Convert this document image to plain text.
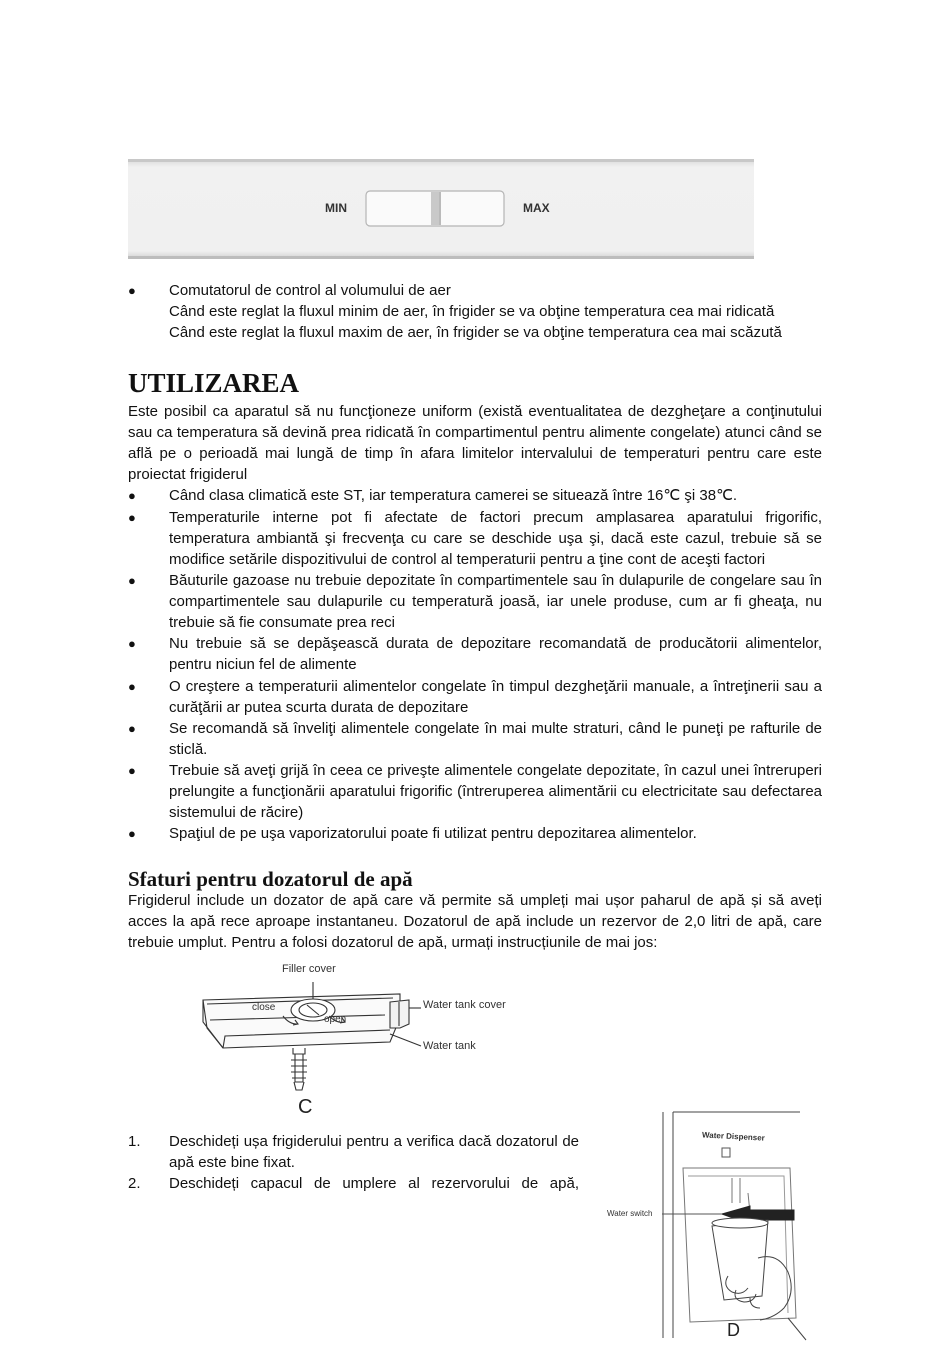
MIN	MAX
● Comutatorul de control al volumului de aer
Când este reglat la fluxul minim de aer, în frigider se va obţine temperatura cea mai ridicată
Când este reglat la fluxul maxim de aer, în frigider se va obţine temperatura cea mai scăzută
UTILIZAREA
Este posibil ca aparatul să nu funcţioneze uniform (există eventualitatea de dezgheţare a conţinutului sau ca temperatura să devină prea ridicată în compartimentul pentru alimente congelate) atunci când se află pe o perioadă mai lungă de timp în afara limitelor intervalului de temperaturi pentru care este proiectat frigiderul
● Când clasa climatică este ST, iar temperatura camerei se situează între 16℃ şi 38℃.
● Temperaturile interne pot fi afectate de factori precum amplasarea aparatului frigorific, temperatura ambiantă şi frecvenţa cu care se deschide uşa şi, dacă este cazul, trebuie să se modifice setările dispozitivului de control al temperaturii pentru a ţine cont de aceşti factori
● Băuturile gazoase nu trebuie depozitate în compartimentele sau în dulapurile de congelare sau în compartimentele sau dulapurile cu temperatură joasă, iar unele produse, cum ar fi gheaţa, nu trebuie să fie consumate prea reci
● Nu trebuie să se depăşească durata de depozitare recomandată de producătorii alimentelor, pentru niciun fel de alimente
● O creştere a temperaturii alimentelor congelate în timpul dezgheţării manuale, a întreţinerii sau a curăţării ar putea scurta durata de depozitare
● Se recomandă să înveliţi alimentele congelate în mai multe straturi, când le puneţi pe rafturile de sticlă.
● Trebuie să aveţi grijă în ceea ce priveşte alimentele congelate depozitate, în cazul unei întreruperi prelungite a funcţionării aparatului frigorific (întreruperea alimentării cu electricitate sau defectarea sistemului de răcire)
● Spaţiul de pe uşa vaporizatorului poate fi utilizat pentru depozitarea alimentelor.
Sfaturi pentru dozatorul de apă
Frigiderul include un dozator de apă care vă permite să umpleți mai ușor paharul de apă și să aveți acces la apă rece aproape instantaneu. Dozatorul de apă include un rezervor de 2,0 litri de apă, care trebuie umplut. Pentru a folosi dozatorul de apă, urmați instrucțiunile de mai jos:
Filler cover
close
open
Water tank cover
Water tank
C
1. Deschideți ușa frigiderului pentru a verifica dacă dozatorul de apă este bine fixat.
2. Deschideți capacul de umplere al rezervorului de apă,
Water Dispenser
Water switch
D
